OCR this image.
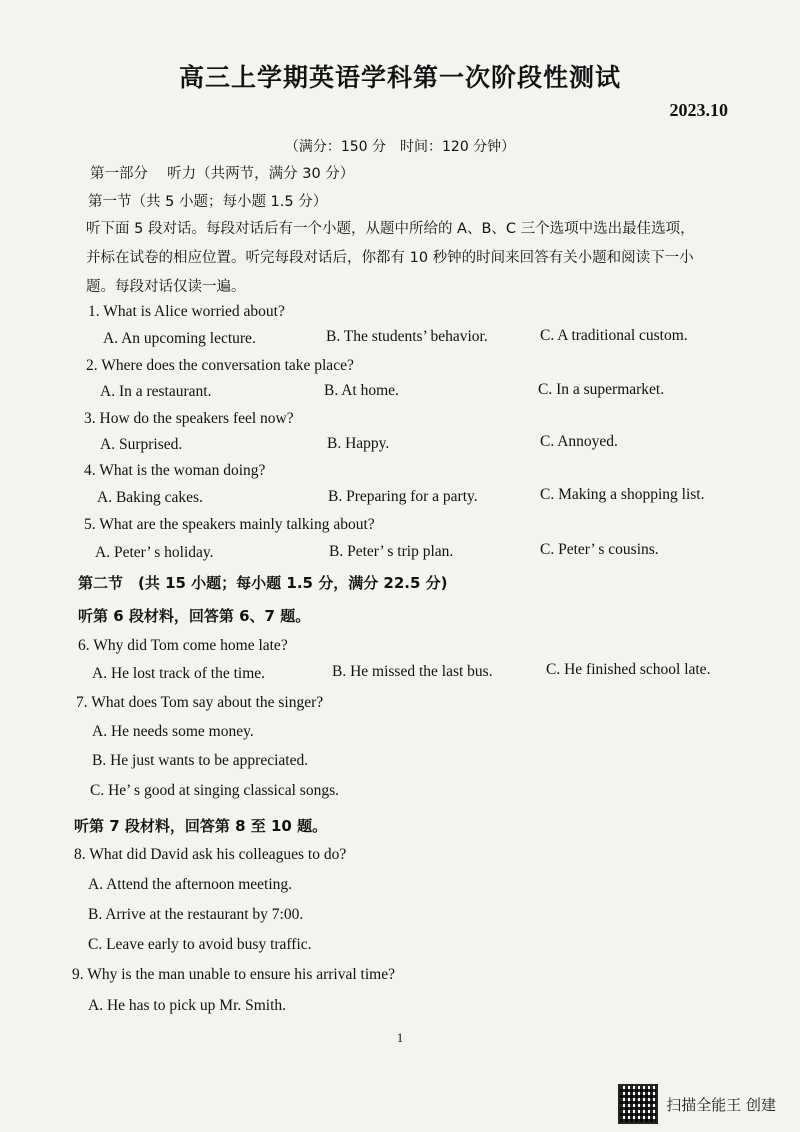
高三上学期英语学科第一次阶段性测试
2023.10
（满分：150 分　时间：120 分钟）
第一部分　 听力（共两节，满分 30 分）
第一节（共 5 小题；每小题 1.5 分）
听下面 5 段对话。每段对话后有一个小题，从题中所给的 A、B、C 三个选项中选出最佳选项，
并标在试卷的相应位置。听完每段对话后，你都有 10 秒钟的时间来回答有关小题和阅读下一小
题。每段对话仅读一遍。
1. What is Alice worried about?
A. An upcoming lecture.	B. The students’ behavior.	C. A traditional custom.
2. Where does the conversation take place?
A. In a restaurant.	B. At home.	C. In a supermarket.
3. How do the speakers feel now?
A. Surprised.	B. Happy.	C. Annoyed.
4. What is the woman doing?
A. Baking cakes.	B. Preparing for a party.	C. Making a shopping list.
5. What are the speakers mainly talking about?
A. Peter’ s holiday.	B. Peter’ s trip plan.	C. Peter’ s cousins.
第二节　(共 15 小题；每小题 1.5 分，满分 22.5 分)
听第 6 段材料，回答第 6、7 题。
6. Why did Tom come home late?
A. He lost track of the time.	B. He missed the last bus.	C. He finished school late.
7. What does Tom say about the singer?
A. He needs some money.
B. He just wants to be appreciated.
C. He’ s good at singing classical songs.
听第 7 段材料，回答第 8 至 10 题。
8. What did David ask his colleagues to do?
A. Attend the afternoon meeting.
B. Arrive at the restaurant by 7:00.
C. Leave early to avoid busy traffic.
9. Why is the man unable to ensure his arrival time?
A. He has to pick up Mr. Smith.
1
扫描全能王 创建
